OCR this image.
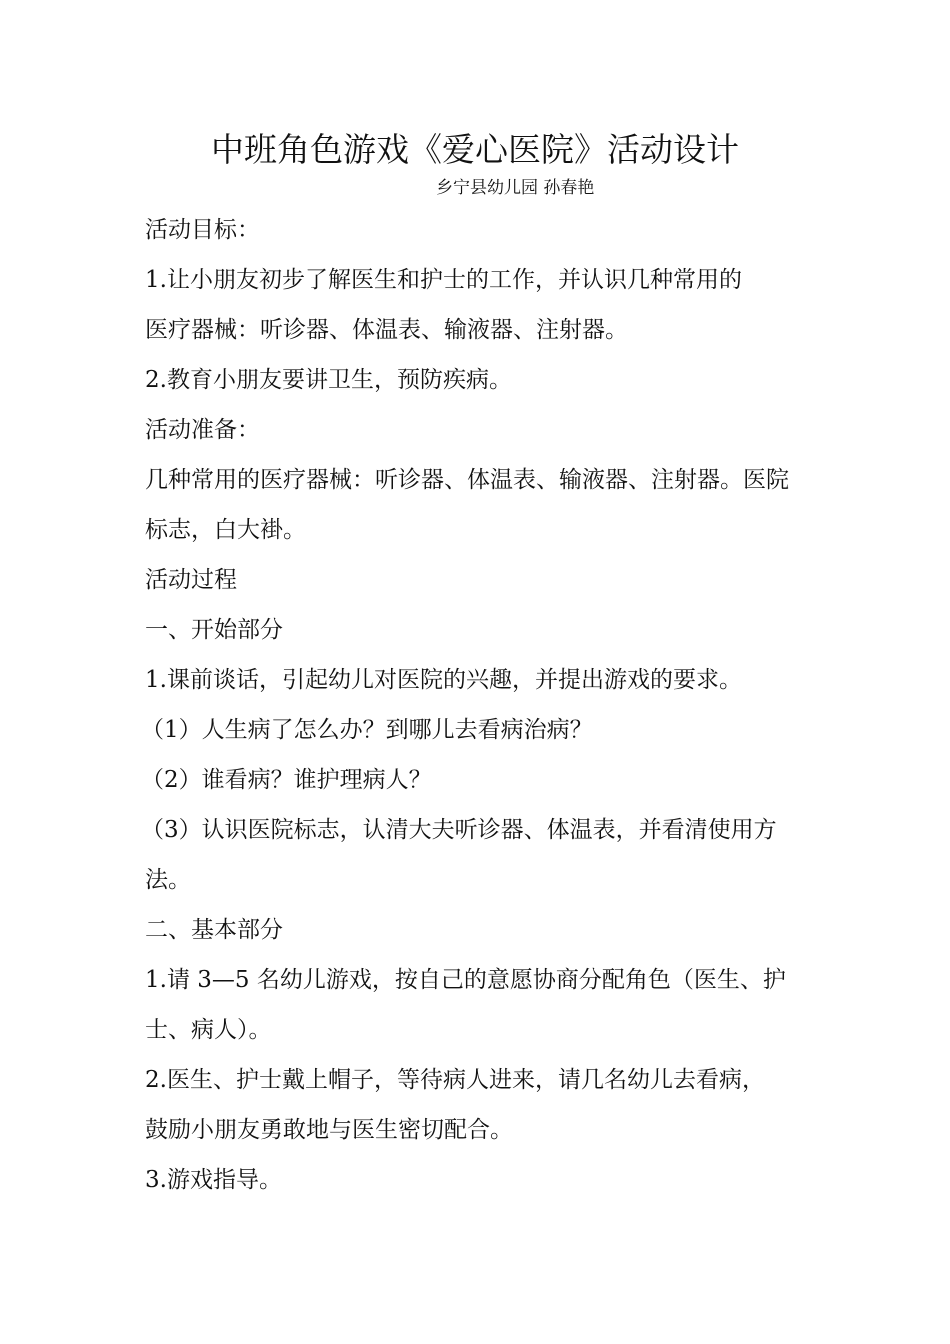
中班角色游戏《爱心医院》活动设计
乡宁县幼儿园 孙春艳

活动目标：

1.让小朋友初步了解医生和护士的工作，并认识几种常用的

医疗器械：听诊器、体温表、输液器、注射器。

2.教育小朋友要讲卫生，预防疾病。

活动准备：

几种常用的医疗器械：听诊器、体温表、输液器、注射器。医院

标志，白大褂。

活动过程

一、开始部分

1.课前谈话，引起幼儿对医院的兴趣，并提出游戏的要求。

（1）人生病了怎么办？到哪儿去看病治病？

（2）谁看病？谁护理病人？

（3）认识医院标志，认清大夫听诊器、体温表，并看清使用方

法。

二、基本部分

1.请 3—5 名幼儿游戏，按自己的意愿协商分配角色（医生、护

士、病人）。

2.医生、护士戴上帽子，等待病人进来，请几名幼儿去看病，

鼓励小朋友勇敢地与医生密切配合。

3.游戏指导。
